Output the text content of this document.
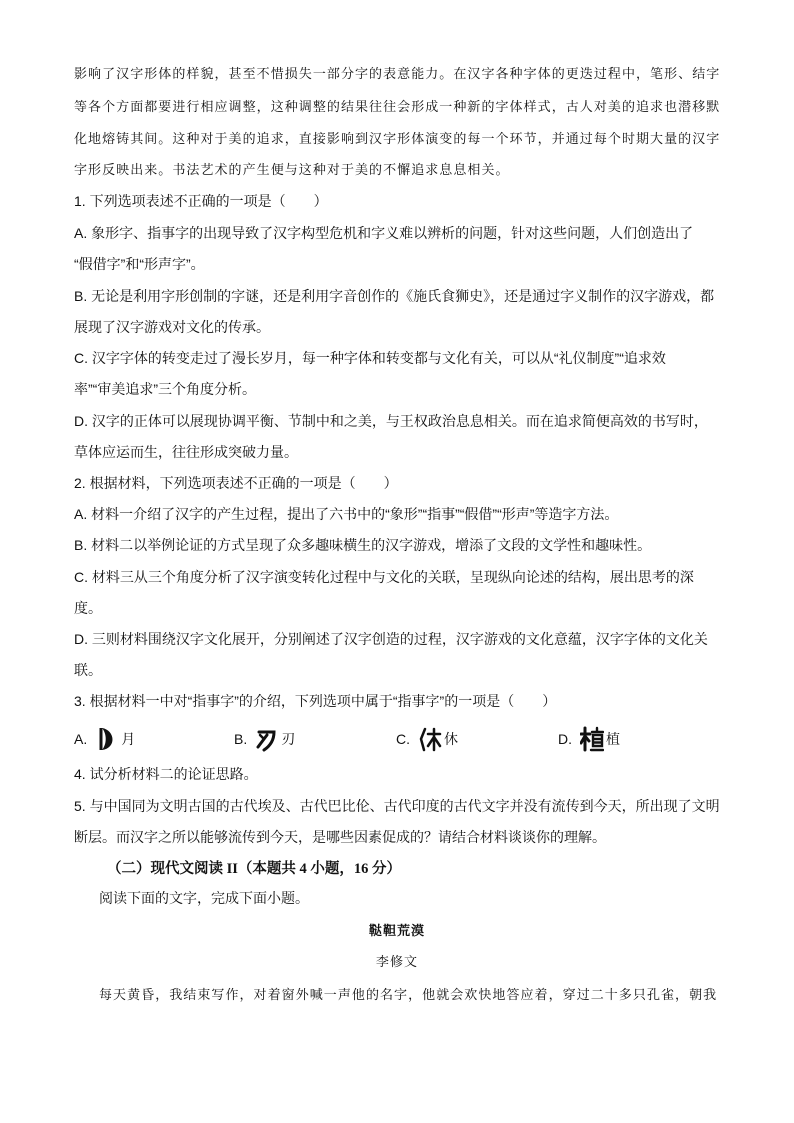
影响了汉字形体的样貌，甚至不惜损失一部分字的表意能力。在汉字各种字体的更迭过程中，笔形、结字
等各个方面都要进行相应调整，这种调整的结果往往会形成一种新的字体样式，古人对美的追求也潜移默
化地熔铸其间。这种对于美的追求，直接影响到汉字形体演变的每一个环节，并通过每个时期大量的汉字
字形反映出来。书法艺术的产生便与这种对于美的不懈追求息息相关。
1. 下列选项表述不正确的一项是（　　）
A. 象形字、指事字的出现导致了汉字构型危机和字义难以辨析的问题，针对这些问题，人们创造出了
“假借字”和“形声字”。
B. 无论是利用字形创制的字谜，还是利用字音创作的《施氏食狮史》，还是通过字义制作的汉字游戏，都
展现了汉字游戏对文化的传承。
C. 汉字字体的转变走过了漫长岁月，每一种字体和转变都与文化有关，可以从“礼仪制度”“追求效
率”“审美追求”三个角度分析。
D. 汉字的正体可以展现协调平衡、节制中和之美，与王权政治息息相关。而在追求简便高效的书写时，
草体应运而生，往往形成突破力量。
2. 根据材料，下列选项表述不正确的一项是（　　）
A. 材料一介绍了汉字的产生过程，提出了六书中的“象形”“指事”“假借”“形声”等造字方法。
B. 材料二以举例论证的方式呈现了众多趣味横生的汉字游戏，增添了文段的文学性和趣味性。
C. 材料三从三个角度分析了汉字演变转化过程中与文化的关联，呈现纵向论述的结构，展出思考的深
度。
D. 三则材料围绕汉字文化展开，分别阐述了汉字创造的过程，汉字游戏的文化意蕴，汉字字体的文化关
联。
3. 根据材料一中对“指事字”的介绍，下列选项中属于“指事字”的一项是（　　）
A. 月	B. 刃	C. 休	D. 植
4. 试分析材料二的论证思路。
5. 与中国同为文明古国的古代埃及、古代巴比伦、古代印度的古代文字并没有流传到今天，所出现了文明
断层。而汉字之所以能够流传到今天，是哪些因素促成的？请结合材料谈谈你的理解。
（二）现代文阅读 II（本题共 4 小题，16 分）
阅读下面的文字，完成下面小题。
鞑靼荒漠
李修文
每天黄昏，我结束写作，对着窗外喊一声他的名字，他就会欢快地答应着，穿过二十多只孔雀，朝我
